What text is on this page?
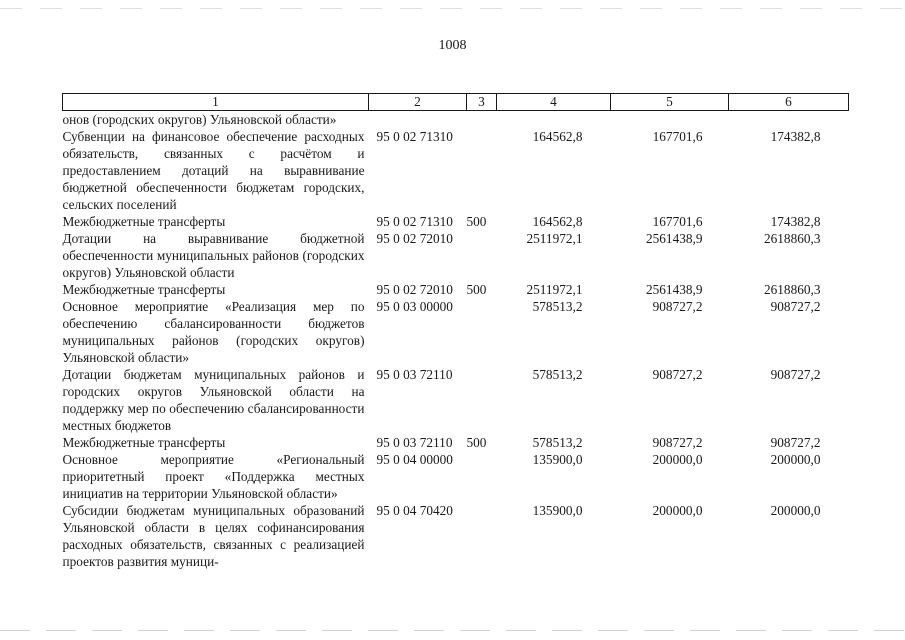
1008
1	2	3	4	5	6
онов (городских округов) Ульяновской области»					
Субвенции на финансовое обеспечение расходных обязательств, связанных с расчётом и предоставлением дотаций на выравнивание бюджетной обеспеченности бюджетам городских, сельских поселений	95 0 02 71310		164562,8	167701,6	174382,8
Межбюджетные трансферты	95 0 02 71310	500	164562,8	167701,6	174382,8
Дотации на выравнивание бюджетной обеспеченности муниципальных районов (городских округов) Ульяновской области	95 0 02 72010		2511972,1	2561438,9	2618860,3
Межбюджетные трансферты	95 0 02 72010	500	2511972,1	2561438,9	2618860,3
Основное мероприятие «Реализация мер по обеспечению сбалансированности бюджетов муниципальных районов (городских округов) Ульяновской области»	95 0 03 00000		578513,2	908727,2	908727,2
Дотации бюджетам муниципальных районов и городских округов Ульяновской области на поддержку мер по обеспечению сбалансированности местных бюджетов	95 0 03 72110		578513,2	908727,2	908727,2
Межбюджетные трансферты	95 0 03 72110	500	578513,2	908727,2	908727,2
Основное мероприятие «Региональный приоритетный проект «Поддержка местных инициатив на территории Ульяновской области»	95 0 04 00000		135900,0	200000,0	200000,0
Субсидии бюджетам муниципальных образований Ульяновской области в целях софинансирования расходных обязательств, связанных с реализацией проектов развития муници-	95 0 04 70420		135900,0	200000,0	200000,0
